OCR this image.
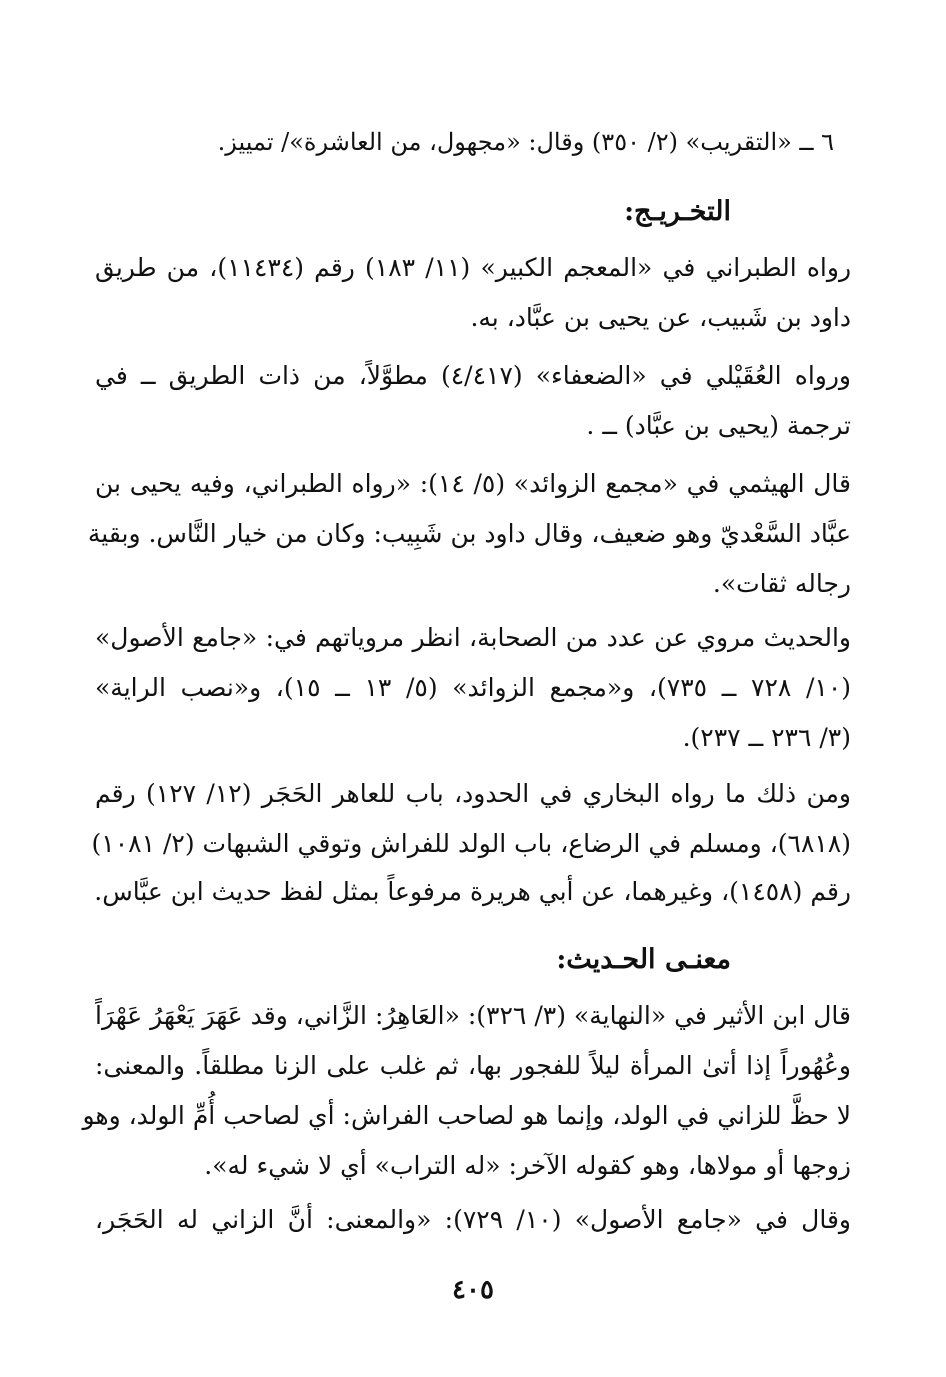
٦ ــ «التقريب» (٢/ ٣٥٠) وقال: «مجهول، من العاشرة»/ تمييز.
التخـريـج:
رواه الطبراني في «المعجم الكبير» (١١/ ١٨٣) رقم (١١٤٣٤)، من طريق
داود بن شَبيب، عن يحيى بن عبَّاد، به.
ورواه العُقَيْلي في «الضعفاء» (٤/٤١٧) مطوَّلاً، من ذات الطريق ــ في
ترجمة (يحيى بن عبَّاد) ــ .
قال الهيثمي في «مجمع الزوائد» (٥/ ١٤): «رواه الطبراني، وفيه يحيى بن
عبَّاد السَّعْديّ وهو ضعيف، وقال داود بن شَبِيب: وكان من خيار النَّاس. وبقية
رجاله ثقات».
والحديث مروي عن عدد من الصحابة، انظر مروياتهم في: «جامع الأصول»
(١٠/ ٧٢٨ ــ ٧٣٥)، و«مجمع الزوائد» (٥/ ١٣ ــ ١٥)، و«نصب الراية»
(٣/ ٢٣٦ ــ ٢٣٧).
ومن ذلك ما رواه البخاري في الحدود، باب للعاهر الحَجَر (١٢/ ١٢٧) رقم
(٦٨١٨)، ومسلم في الرضاع، باب الولد للفراش وتوقي الشبهات (٢/ ١٠٨١)
رقم (١٤٥٨)، وغيرهما، عن أبي هريرة مرفوعاً بمثل لفظ حديث ابن عبَّاس.
معنـى الحـديث:
قال ابن الأثير في «النهاية» (٣/ ٣٢٦): «العَاهِرُ: الزَّاني، وقد عَهَرَ يَعْهَرُ عَهْرَاً
وعُهُوراً إذا أتىٰ المرأة ليلاً للفجور بها، ثم غلب على الزنا مطلقاً. والمعنى:
لا حظَّ للزاني في الولد، وإنما هو لصاحب الفراش: أي لصاحب أُمِّ الولد، وهو
زوجها أو مولاها، وهو كقوله الآخر: «له التراب» أي لا شيء له».
وقال في «جامع الأصول» (١٠/ ٧٢٩): «والمعنى: أنَّ الزاني له الحَجَر،
٤٠٥
